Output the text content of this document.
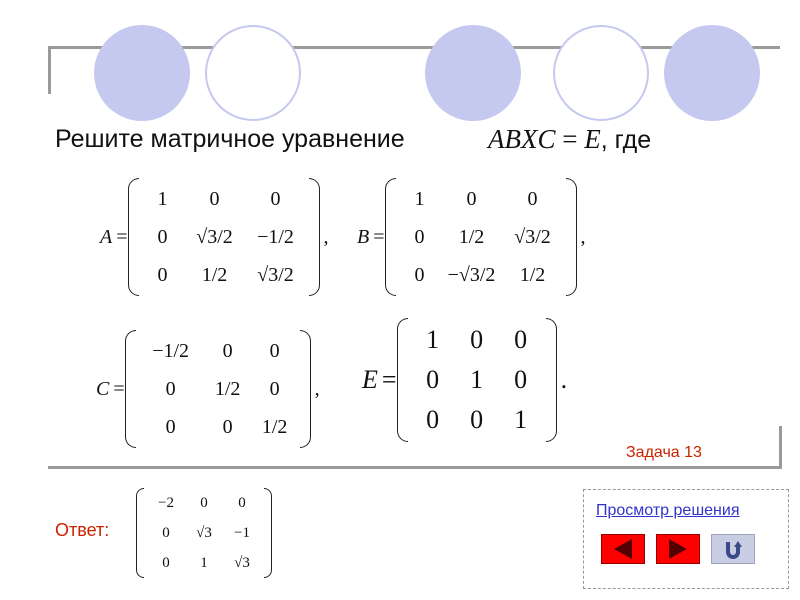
Решите матричное уравнение	ABXC = E, где
A =
1	0	0
0	√3/2	−1/2
0	1/2	√3/2
, B =
1	0	0
0	1/2	√3/2
0	−√3/2	1/2
,
C =
−1/2	0	0
0	1/2	0
0	0	1/2
, E =
1	0	0
0	1	0
0	0	1
.
Задача 13
Ответ:
−2	0	0
0	√3	−1
0	1	√3
Просмотр решения
